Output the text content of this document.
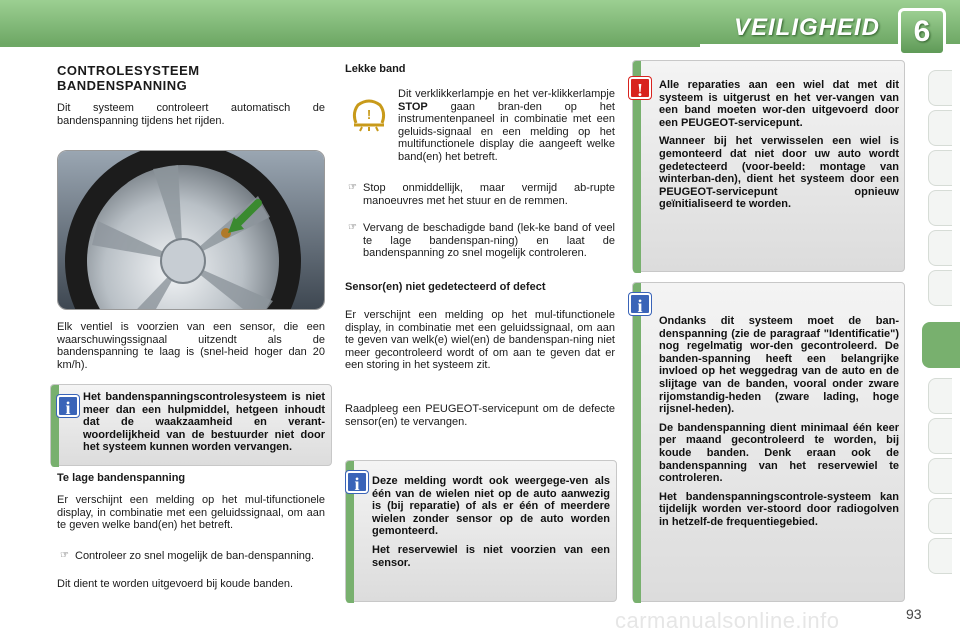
VEILIGHEID	6
CONTROLESYSTEEM
BANDENSPANNING

Dit systeem controleert automatisch de bandenspanning tijdens het rijden.

Elk ventiel is voorzien van een sensor, die een waarschuwingssignaal uitzendt als de bandenspanning te laag is (snel-heid hoger dan 20 km/h).

i

Het bandenspanningscontrolesysteem is niet meer dan een hulpmiddel, hetgeen inhoudt dat de waakzaamheid en verant-woordelijkheid van de bestuurder niet door het systeem kunnen worden vervangen.

Te lage bandenspanning

Er verschijnt een melding op het mul-tifunctionele display, in combinatie met een geluidssignaal, om aan te geven welke band(en) het betreft.

☞ Controleer zo snel mogelijk de ban-denspanning.

Dit dient te worden uitgevoerd bij koude banden.

Lekke band
!
Dit verklikkerlampje en het ver-klikkerlampje STOP gaan bran-den op het instrumentenpaneel in combinatie met een geluids-signaal en een melding op het multifunctionele display die aangeeft welke band(en) het betreft.
☞ Stop onmiddellijk, maar vermijd ab-rupte manoeuvres met het stuur en de remmen.
☞ Vervang de beschadigde band (lek-ke band of veel te lage bandenspan-ning) en laat de bandenspanning zo snel mogelijk controleren.
Sensor(en) niet gedetecteerd of defect

Er verschijnt een melding op het mul-tifunctionele display, in combinatie met een geluidssignaal, om aan te geven van welk(e) wiel(en) de bandenspan-ning niet meer gecontroleerd wordt of om aan te geven dat er een storing in het systeem zit.

Raadpleeg een PEUGEOT-servicepunt om de defecte sensor(en) te vervangen.

i	Deze melding wordt ook weergege-ven als één van de wielen niet op de auto aanwezig is (bij reparatie) of als er één of meerdere wielen zonder sensor op de auto worden gemonteerd.

Het reservewiel is niet voorzien van een sensor.

!	Alle reparaties aan een wiel dat met dit systeem is uitgerust en het ver-vangen van een band moeten wor-den uitgevoerd door een PEUGEOT-servicepunt.

Wanneer bij het verwisselen een wiel is gemonteerd dat niet door uw auto wordt gedetecteerd (voor-beeld: montage van winterban-den), dient het systeem door een PEUGEOT-servicepunt opnieuw geïnitialiseerd te worden.

i

Ondanks dit systeem moet de ban-denspanning (zie de paragraaf "Identificatie") nog regelmatig wor-den gecontroleerd. De banden-spanning heeft een belangrijke invloed op het weggedrag van de auto en de slijtage van de banden, vooral onder zware rijomstandig-heden (zware lading, hoge rijsnel-heden).

De bandenspanning dient minimaal één keer per maand gecontroleerd te worden, bij koude banden. Denk eraan ook de bandenspanning van het reservewiel te controleren.

Het bandenspanningscontrole-systeem kan tijdelijk worden ver-stoord door radiogolven in hetzelf-de frequentiegebied.

carmanualsonline.info	93
